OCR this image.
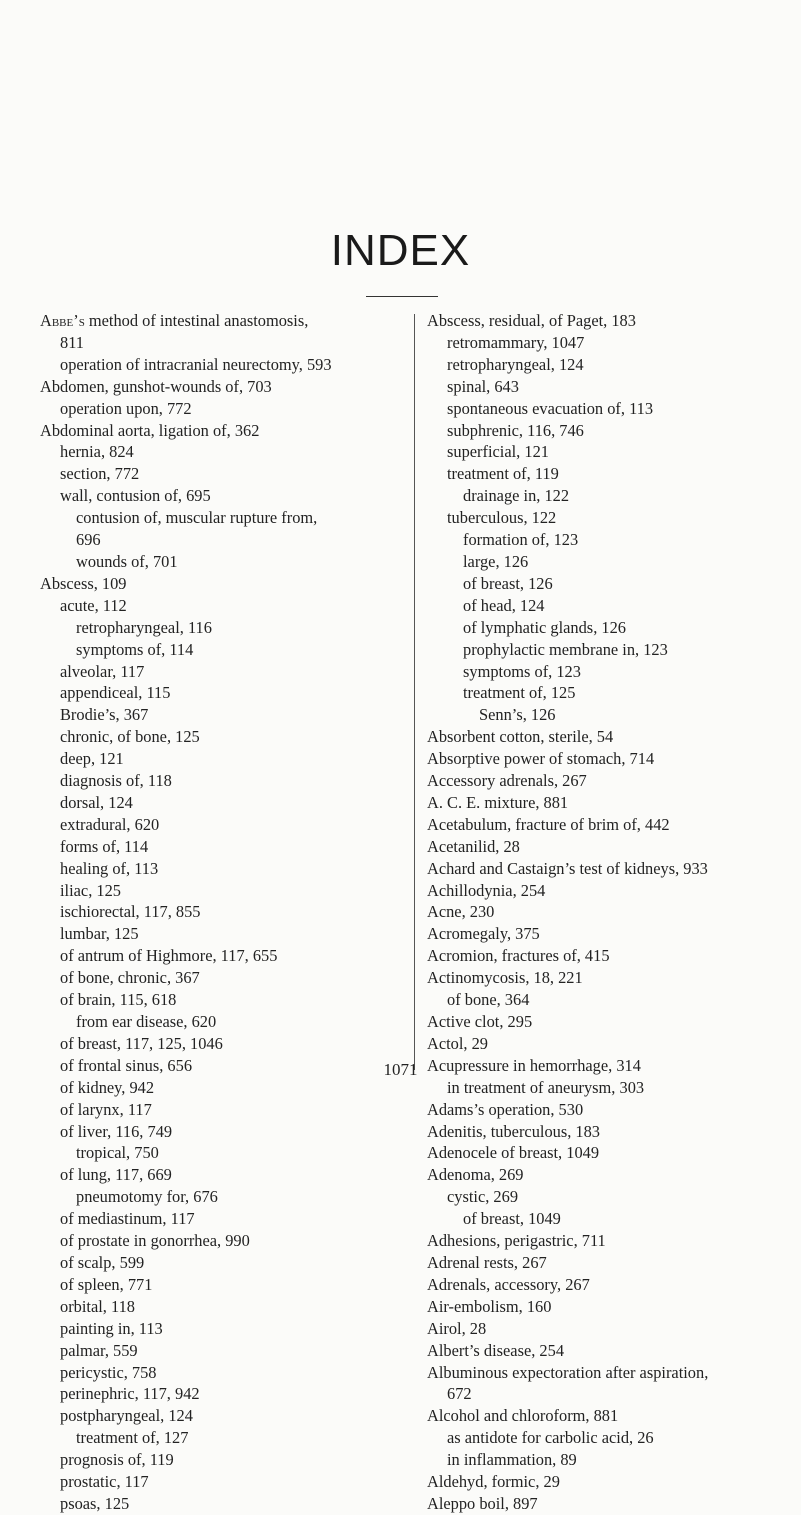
INDEX
Abbe’s method of intestinal anastomosis,
811
operation of intracranial neurectomy, 593
Abdomen, gunshot-wounds of, 703
operation upon, 772
Abdominal aorta, ligation of, 362
hernia, 824
section, 772
wall, contusion of, 695
contusion of, muscular rupture from,
696
wounds of, 701
Abscess, 109
acute, 112
retropharyngeal, 116
symptoms of, 114
alveolar, 117
appendiceal, 115
Brodie’s, 367
chronic, of bone, 125
deep, 121
diagnosis of, 118
dorsal, 124
extradural, 620
forms of, 114
healing of, 113
iliac, 125
ischiorectal, 117, 855
lumbar, 125
of antrum of Highmore, 117, 655
of bone, chronic, 367
of brain, 115, 618
from ear disease, 620
of breast, 117, 125, 1046
of frontal sinus, 656
of kidney, 942
of larynx, 117
of liver, 116, 749
tropical, 750
of lung, 117, 669
pneumotomy for, 676
of mediastinum, 117
of prostate in gonorrhea, 990
of scalp, 599
of spleen, 771
orbital, 118
painting in, 113
palmar, 559
pericystic, 758
perinephric, 117, 942
postpharyngeal, 124
treatment of, 127
prognosis of, 119
prostatic, 117
psoas, 125
Abscess, residual, of Paget, 183
retromammary, 1047
retropharyngeal, 124
spinal, 643
spontaneous evacuation of, 113
subphrenic, 116, 746
superficial, 121
treatment of, 119
drainage in, 122
tuberculous, 122
formation of, 123
large, 126
of breast, 126
of head, 124
of lymphatic glands, 126
prophylactic membrane in, 123
symptoms of, 123
treatment of, 125
Senn’s, 126
Absorbent cotton, sterile, 54
Absorptive power of stomach, 714
Accessory adrenals, 267
A. C. E. mixture, 881
Acetabulum, fracture of brim of, 442
Acetanilid, 28
Achard and Castaign’s test of kidneys, 933
Achillodynia, 254
Acne, 230
Acromegaly, 375
Acromion, fractures of, 415
Actinomycosis, 18, 221
of bone, 364
Active clot, 295
Actol, 29
Acupressure in hemorrhage, 314
in treatment of aneurysm, 303
Adams’s operation, 530
Adenitis, tuberculous, 183
Adenocele of breast, 1049
Adenoma, 269
cystic, 269
of breast, 1049
Adhesions, perigastric, 711
Adrenal rests, 267
Adrenals, accessory, 267
Air-embolism, 160
Airol, 28
Albert’s disease, 254
Albuminous expectoration after aspiration,
672
Alcohol and chloroform, 881
as antidote for carbolic acid, 26
in inflammation, 89
Aldehyd, formic, 29
Aleppo boil, 897
1071
